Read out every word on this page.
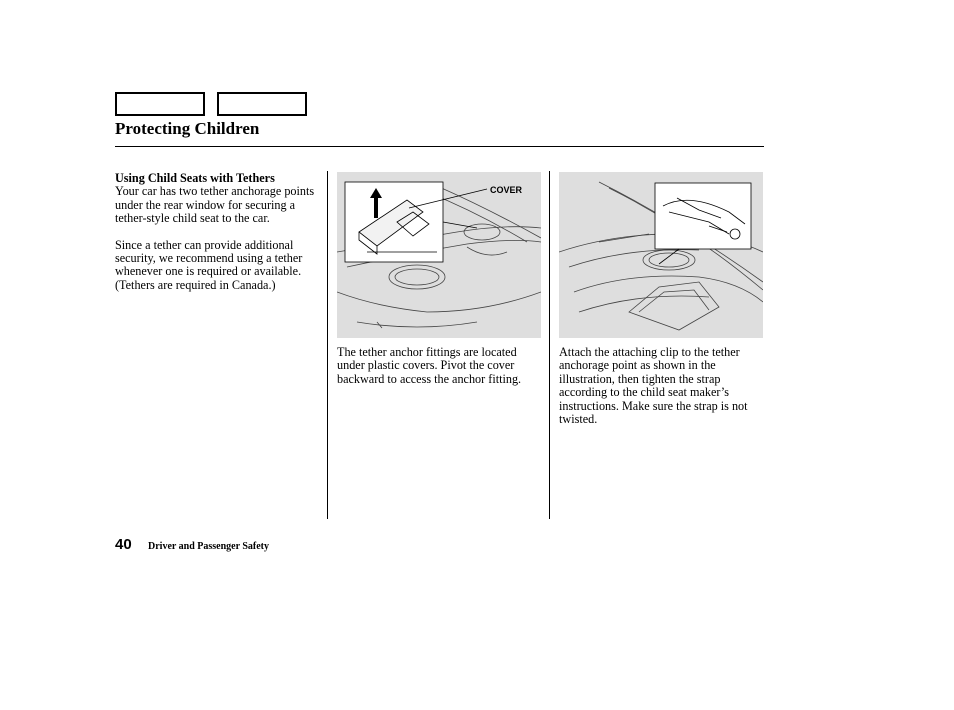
Protecting Children
Using Child Seats with Tethers

Your car has two tether anchorage points under the rear window for securing a tether-style child seat to the car.

Since a tether can provide additional security, we recommend using a tether whenever one is required or available. (Tethers are required in Canada.)

COVER

The tether anchor fittings are located under plastic covers. Pivot the cover backward to access the anchor fitting.

Attach the attaching clip to the tether anchorage point as shown in the illustration, then tighten the strap according to the child seat maker’s instructions. Make sure the strap is not twisted.

40 Driver and Passenger Safety
